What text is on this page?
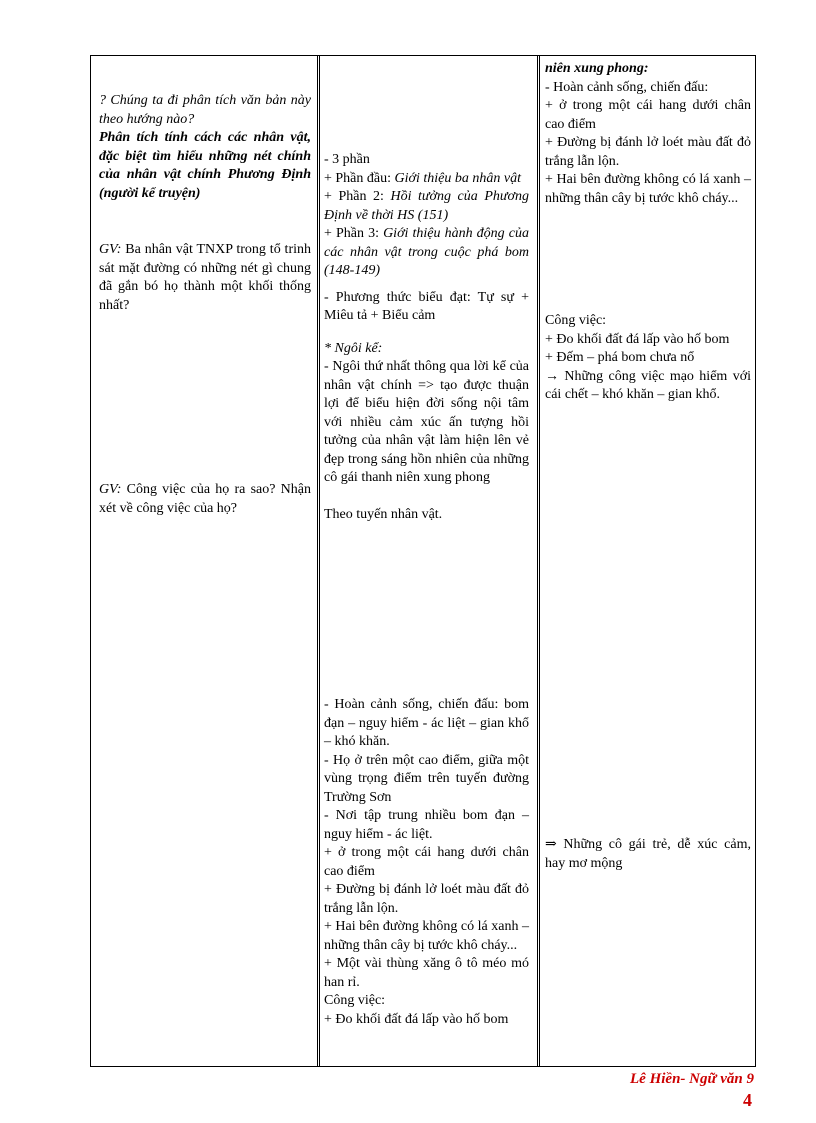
? Chúng ta đi phân tích văn bản này theo hướng nào?
Phân tích tính cách các nhân vật, đặc biệt tìm hiểu những nét chính của nhân vật chính Phương Định (người kể truyện)
GV: Ba nhân vật TNXP trong tổ trinh sát mặt đường có những nét gì chung đã gắn bó họ thành một khối thống nhất?
GV: Công việc của họ ra sao? Nhận xét về công việc của họ?
- 3 phần
+ Phần đầu: Giới thiệu ba nhân vật
+ Phần 2: Hồi tưởng của Phương Định về thời HS (151)
+ Phần 3: Giới thiệu hành động của các nhân vật trong cuộc phá bom (148-149)
- Phương thức biểu đạt: Tự sự + Miêu tả + Biểu cảm
* Ngôi kể:
- Ngôi thứ nhất thông qua lời kể của nhân vật chính => tạo được thuận lợi để biểu hiện đời sống nội tâm với nhiều cảm xúc ấn tượng hồi tưởng của nhân vật làm hiện lên vẻ đẹp trong sáng hồn nhiên của những cô gái thanh niên xung phong
Theo tuyến nhân vật.
- Hoàn cảnh sống, chiến đấu: bom đạn – nguy hiểm - ác liệt – gian khổ – khó khăn.
- Họ ở trên một cao điểm, giữa một vùng trọng điểm trên tuyến đường Trường Sơn
- Nơi tập trung nhiều bom đạn – nguy hiểm - ác liệt.
+ ở trong một cái hang dưới chân cao điểm
+ Đường bị đánh lở loét màu đất đỏ trắng lẫn lộn.
+ Hai bên đường không có lá xanh – những thân cây bị tước khô cháy...
+ Một vài thùng xăng ô tô méo mó han rỉ.
Công việc:
+ Đo khối đất đá lấp vào hố bom
niên xung phong:
- Hoàn cảnh sống, chiến đấu:
+ ở trong một cái hang dưới chân cao điểm
+ Đường bị đánh lở loét màu đất đỏ trắng lẫn lộn.
+ Hai bên đường không có lá xanh – những thân cây bị tước khô cháy...
Công việc:
+ Đo khối đất đá lấp vào hố bom
+ Đếm – phá bom chưa nổ
→ Những công việc mạo hiểm với cái chết – khó khăn – gian khổ.
⇒ Những cô gái trẻ, dễ xúc cảm, hay mơ mộng
Lê Hiền- Ngữ văn 9
4
